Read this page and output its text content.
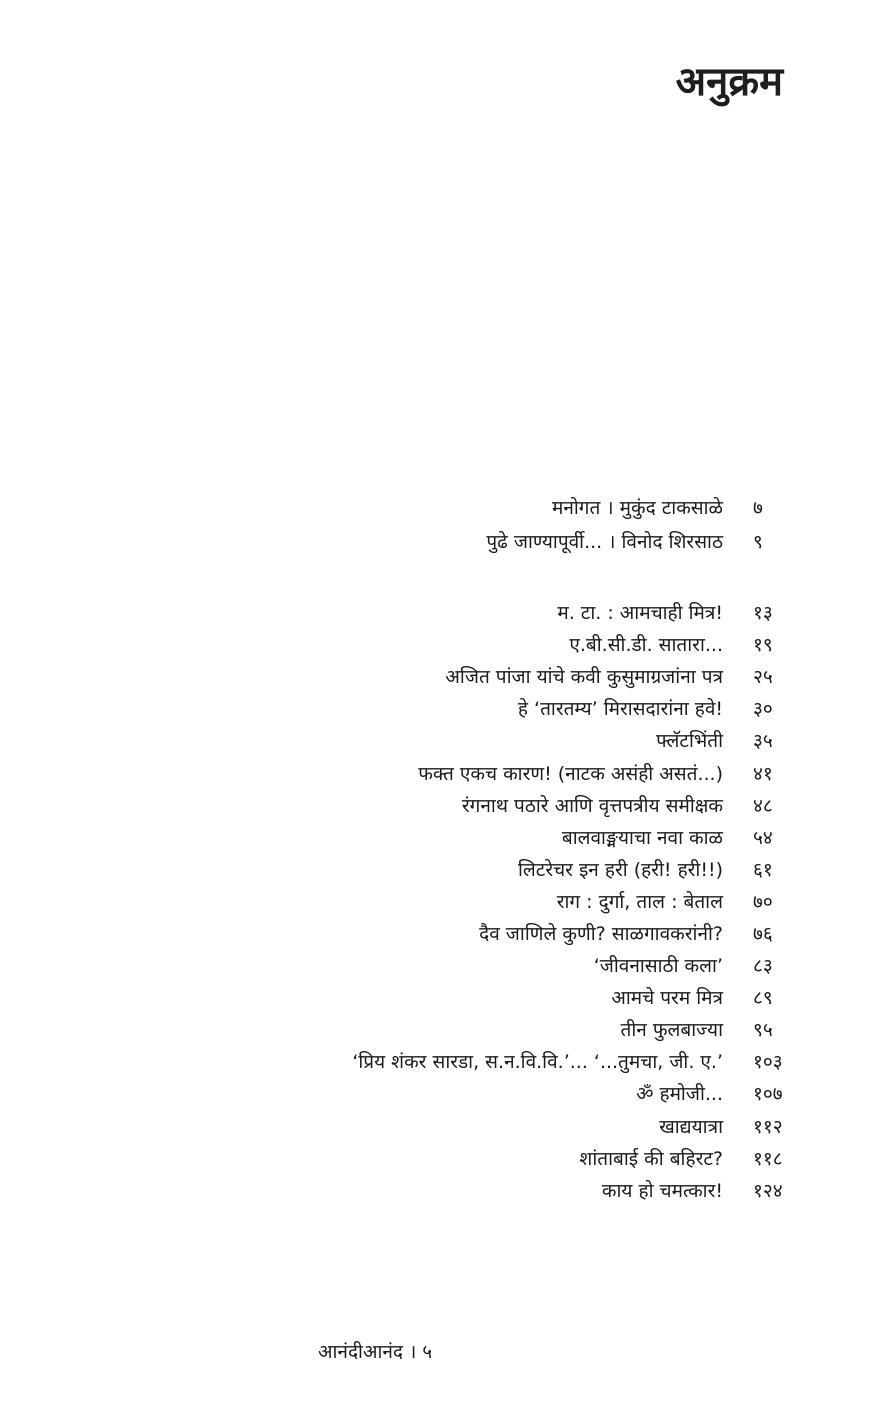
अनुक्रम
मनोगत । मुकुंद टाकसाळे	७
पुढे जाण्यापूर्वी... । विनोद शिरसाठ	९
म. टा. : आमचाही मित्र!	१३
ए.बी.सी.डी. सातारा...	१९
अजित पांजा यांचे कवी कुसुमाग्रजांना पत्र	२५
हे ‘तारतम्य’ मिरासदारांना हवे!	३०
फ्लॅटभिंती	३५
फक्त एकच कारण! (नाटक असंही असतं...)	४१
रंगनाथ पठारे आणि वृत्तपत्रीय समीक्षक	४८
बालवाङ्मयाचा नवा काळ	५४
लिटरेचर इन हरी (हरी! हरी!!)	६१
राग : दुर्गा, ताल : बेताल	७०
दैव जाणिले कुणी? साळगावकरांनी?	७६
‘जीवनासाठी कला’	८३
आमचे परम मित्र	८९
तीन फुलबाज्या	९५
‘प्रिय शंकर सारडा, स.न.वि.वि.’... ‘...तुमचा, जी. ए.’	१०३
ॐ हमोजी...	१०७
खाद्ययात्रा	११२
शांताबाई की बहिरट?	११८
काय हो चमत्कार!	१२४
आनंदीआनंद । ५
